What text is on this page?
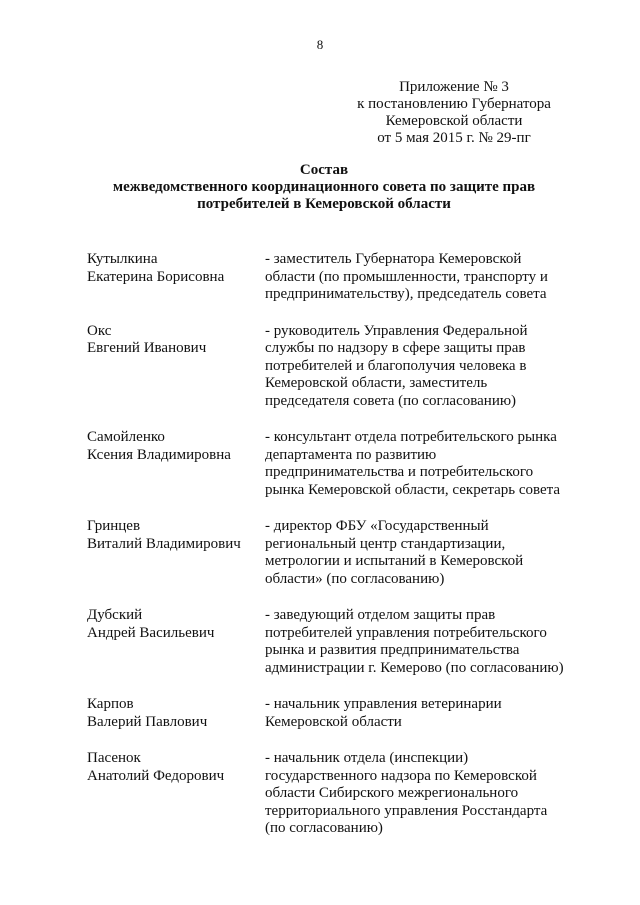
8
Приложение № 3
к постановлению Губернатора
Кемеровской области
от 5 мая 2015 г. № 29-пг
Состав
межведомственного координационного совета по защите прав
потребителей в Кемеровской области
Кутылкина
Екатерина Борисовна
- заместитель Губернатора Кемеровской
области (по промышленности, транспорту и
предпринимательству), председатель совета
Окс
Евгений Иванович
- руководитель Управления Федеральной
службы по надзору в сфере защиты прав
потребителей и благополучия человека в
Кемеровской области, заместитель
председателя совета (по согласованию)
Самойленко
Ксения Владимировна
- консультант отдела потребительского рынка
департамента по развитию
предпринимательства и потребительского
рынка Кемеровской области, секретарь совета
Гринцев
Виталий Владимирович
- директор ФБУ «Государственный
региональный центр стандартизации,
метрологии и испытаний в Кемеровской
области» (по согласованию)
Дубский
Андрей Васильевич
- заведующий отделом защиты прав
потребителей управления потребительского
рынка и развития предпринимательства
администрации г. Кемерово (по согласованию)
Карпов
Валерий Павлович
- начальник управления ветеринарии
Кемеровской области
Пасенок
Анатолий Федорович
- начальник отдела (инспекции)
государственного надзора по Кемеровской
области Сибирского межрегионального
территориального управления Росстандарта
(по согласованию)
